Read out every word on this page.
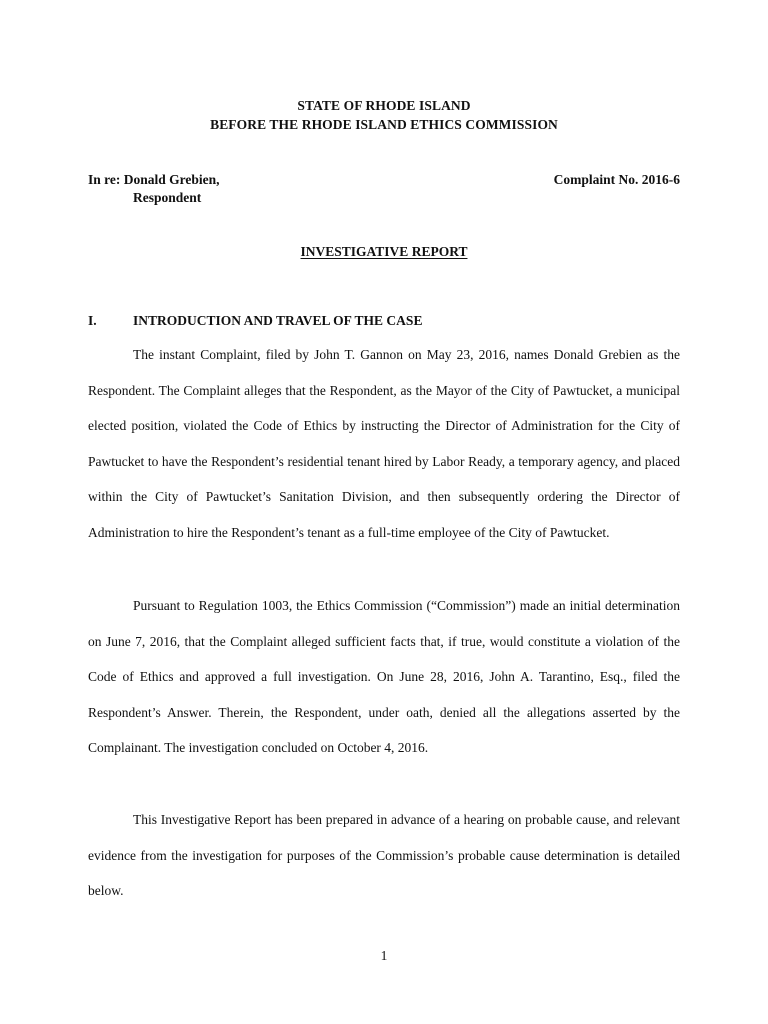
STATE OF RHODE ISLAND
BEFORE THE RHODE ISLAND ETHICS COMMISSION
In re: Donald Grebien,
Respondent
Complaint No. 2016-6
INVESTIGATIVE REPORT
I.	INTRODUCTION AND TRAVEL OF THE CASE

The instant Complaint, filed by John T. Gannon on May 23, 2016, names Donald Grebien as the Respondent. The Complaint alleges that the Respondent, as the Mayor of the City of Pawtucket, a municipal elected position, violated the Code of Ethics by instructing the Director of Administration for the City of Pawtucket to have the Respondent’s residential tenant hired by Labor Ready, a temporary agency, and placed within the City of Pawtucket’s Sanitation Division, and then subsequently ordering the Director of Administration to hire the Respondent’s tenant as a full-time employee of the City of Pawtucket.

Pursuant to Regulation 1003, the Ethics Commission (“Commission”) made an initial determination on June 7, 2016, that the Complaint alleged sufficient facts that, if true, would constitute a violation of the Code of Ethics and approved a full investigation. On June 28, 2016, John A. Tarantino, Esq., filed the Respondent’s Answer. Therein, the Respondent, under oath, denied all the allegations asserted by the Complainant. The investigation concluded on October 4, 2016.

This Investigative Report has been prepared in advance of a hearing on probable cause, and relevant evidence from the investigation for purposes of the Commission’s probable cause determination is detailed below.

1
